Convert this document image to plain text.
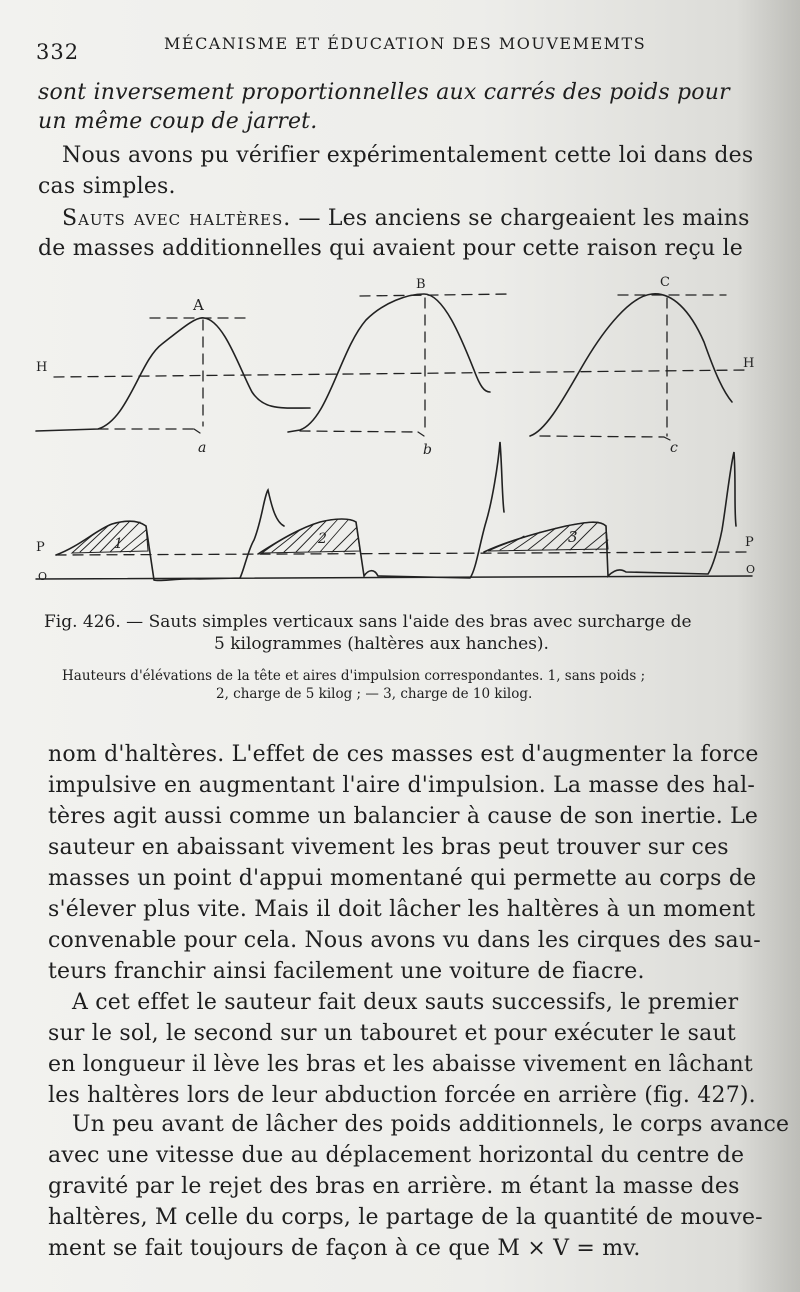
332	MÉCANISME ET ÉDUCATION DES MOUVEMEMTS
sont inversement proportionnelles aux carrés des poids pour
un même coup de jarret.
Nous avons pu vérifier expérimentalement cette loi dans des
cas simples.
Sauts avec haltères. — Les anciens se chargeaient les mains
de masses additionnelles qui avaient pour cette raison reçu le
A
B	C
a	b	c
H	H
P	P
O
O
1	2	3
Fig. 426. — Sauts simples verticaux sans l'aide des bras avec surcharge de
5 kilogrammes (haltères aux hanches).
Hauteurs d'élévations de la tête et aires d'impulsion correspondantes. 1, sans poids ;
2, charge de 5 kilog ; — 3, charge de 10 kilog.
nom d'haltères. L'effet de ces masses est d'augmenter la force
impulsive en augmentant l'aire d'impulsion. La masse des hal-
tères agit aussi comme un balancier à cause de son inertie. Le
sauteur en abaissant vivement les bras peut trouver sur ces
masses un point d'appui momentané qui permette au corps de
s'élever plus vite. Mais il doit lâcher les haltères à un moment
convenable pour cela. Nous avons vu dans les cirques des sau-
teurs franchir ainsi facilement une voiture de fiacre.
A cet effet le sauteur fait deux sauts successifs, le premier
sur le sol, le second sur un tabouret et pour exécuter le saut
en longueur il lève les bras et les abaisse vivement en lâchant
les haltères lors de leur abduction forcée en arrière (fig. 427).
Un peu avant de lâcher des poids additionnels, le corps avance
avec une vitesse due au déplacement horizontal du centre de
gravité par le rejet des bras en arrière. m étant la masse des
haltères, M celle du corps, le partage de la quantité de mouve-
ment se fait toujours de façon à ce que M × V = mv.
